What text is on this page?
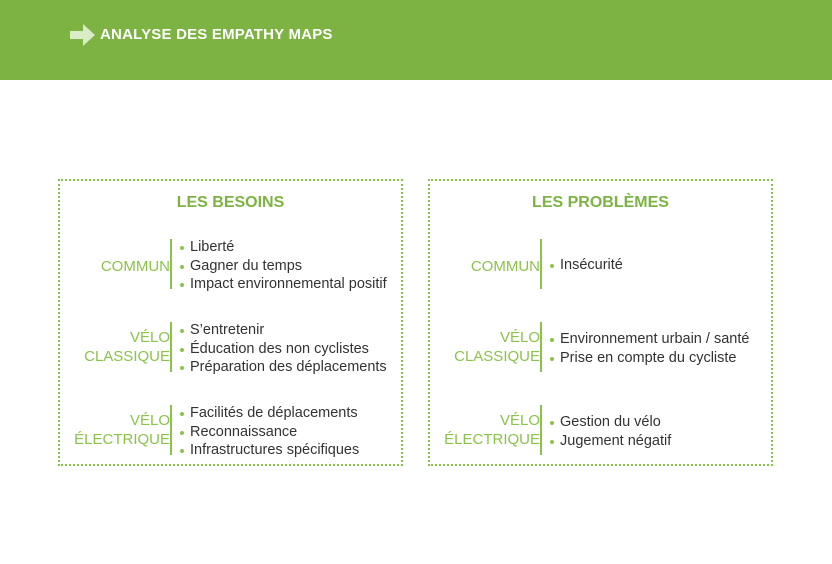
ANALYSE DES EMPATHY MAPS
LES BESOINS
COMMUN
Liberté
Gagner du temps
Impact environnemental positif
VÉLO
CLASSIQUE
S’entretenir
Éducation des non cyclistes
Préparation des déplacements
VÉLO
ÉLECTRIQUE
Facilités de déplacements
Reconnaissance
Infrastructures spécifiques
LES PROBLÈMES
COMMUN	Insécurité
VÉLO
CLASSIQUE
Environnement urbain / santé
Prise en compte du cycliste
VÉLO
ÉLECTRIQUE
Gestion du vélo
Jugement négatif
